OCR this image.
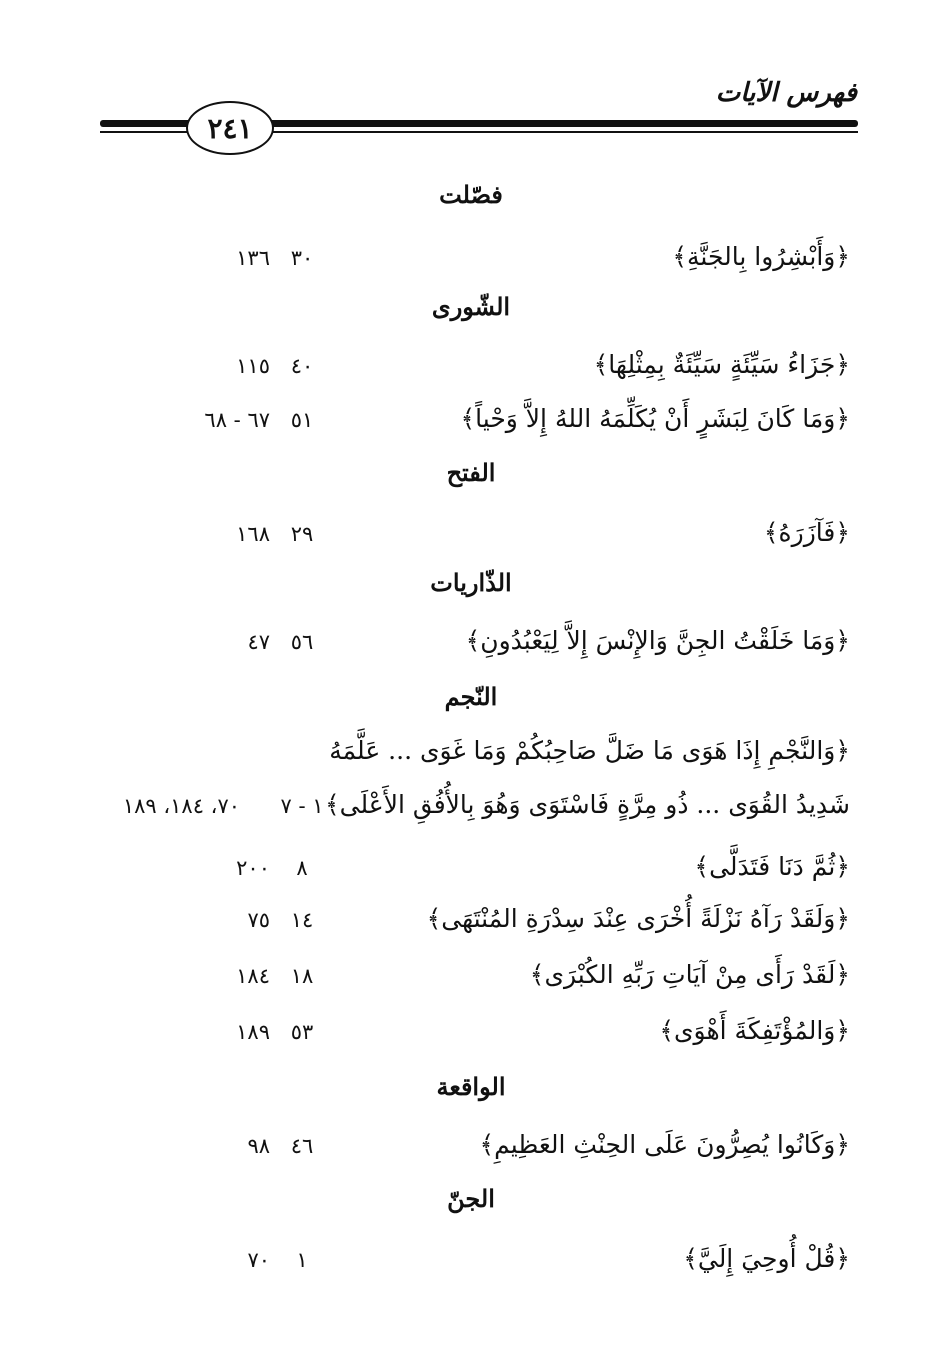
فهرس الآيات
٢٤١
فصّلت
﴿وَأَبْشِرُوا بِالجَنَّةِ﴾
٣٠
١٣٦
الشّورى
﴿جَزَاءُ سَيِّئَةٍ سَيِّئَةٌ بِمِثْلِهَا﴾
٤٠
١١٥
﴿وَمَا كَانَ لِبَشَرٍ أَنْ يُكَلِّمَهُ اللهُ إِلاَّ وَحْياً﴾
٥١
٦٧ - ٦٨
الفتح
﴿فَآزَرَهُ﴾
٢٩
١٦٨
الذّاريات
﴿وَمَا خَلَقْتُ الجِنَّ وَالإِنْسَ إِلاَّ لِيَعْبُدُونِ﴾
٥٦
٤٧
النّجم
﴿وَالنَّجْمِ إِذَا هَوَى مَا ضَلَّ صَاحِبُكُمْ وَمَا غَوَى ... عَلَّمَهُ
شَدِيدُ القُوَى ... ذُو مِرَّةٍ فَاسْتَوَى وَهُوَ بِالأُفُقِ الأَعْلَى﴾
١ - ٧
٧٠، ١٨٤، ١٨٩
﴿ثُمَّ دَنَا فَتَدَلَّى﴾
٨
٢٠٠
﴿وَلَقَدْ رَآهُ نَزْلَةً أُخْرَى عِنْدَ سِدْرَةِ المُنْتَهَى﴾
١٤
٧٥
﴿لَقَدْ رَأَى مِنْ آيَاتِ رَبِّهِ الكُبْرَى﴾
١٨
١٨٤
﴿وَالمُؤْتَفِكَةَ أَهْوَى﴾
٥٣
١٨٩
الواقعة
﴿وَكَانُوا يُصِرُّونَ عَلَى الحِنْثِ العَظِيمِ﴾
٤٦
٩٨
الجنّ
﴿قُلْ أُوحِيَ إِلَيَّ﴾
١
٧٠
